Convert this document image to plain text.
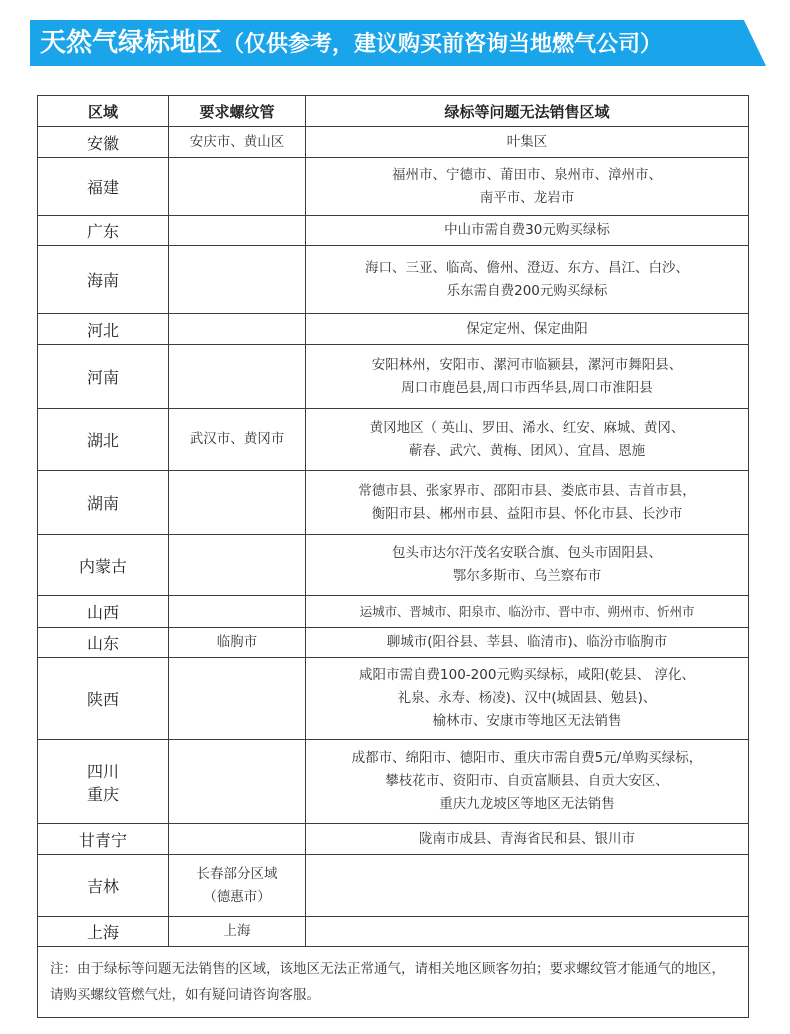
天然气绿标地区（仅供参考，建议购买前咨询当地燃气公司）
区域	要求螺纹管	绿标等问题无法销售区域
安徽	安庆市、黄山区	叶集区
福建		福州市、宁德市、莆田市、泉州市、漳州市、
南平市、龙岩市
广东		中山市需自费30元购买绿标
海南		海口、三亚、临高、儋州、澄迈、东方、昌江、白沙、
乐东需自费200元购买绿标
河北		保定定州、保定曲阳
河南		安阳林州，安阳市、漯河市临颍县，漯河市舞阳县、
周口市鹿邑县,周口市西华县,周口市淮阳县
湖北	武汉市、黄冈市	黄冈地区（ 英山、罗田、浠水、红安、麻城、黄冈、
蕲春、武穴、黄梅、团风）、宜昌、恩施
湖南		常德市县、张家界市、邵阳市县、娄底市县、吉首市县，
衡阳市县、郴州市县、益阳市县、怀化市县、长沙市
内蒙古		包头市达尔汗茂名安联合旗、包头市固阳县、
鄂尔多斯市、乌兰察布市
山西		运城市、晋城市、阳泉市、临汾市、晋中市、朔州市、忻州市
山东	临朐市	聊城市(阳谷县、莘县、临清市)、临汾市临朐市
陕西		咸阳市需自费100-200元购买绿标，咸阳(乾县、 淳化、
礼泉、永寿、杨凌)、汉中(城固县、勉县)、
榆林市、安康市等地区无法销售
四川
重庆		成都市、绵阳市、德阳市、重庆市需自费5元/单购买绿标，
攀枝花市、资阳市、自贡富顺县、自贡大安区、
重庆九龙坡区等地区无法销售
甘青宁		陇南市成县、青海省民和县、银川市
吉林	长春部分区域
（德惠市）	
上海	上海	
注：由于绿标等问题无法销售的区域，该地区无法正常通气，请相关地区顾客勿拍；要求螺纹管才能通气的地区，请购买螺纹管燃气灶，如有疑问请咨询客服。		
